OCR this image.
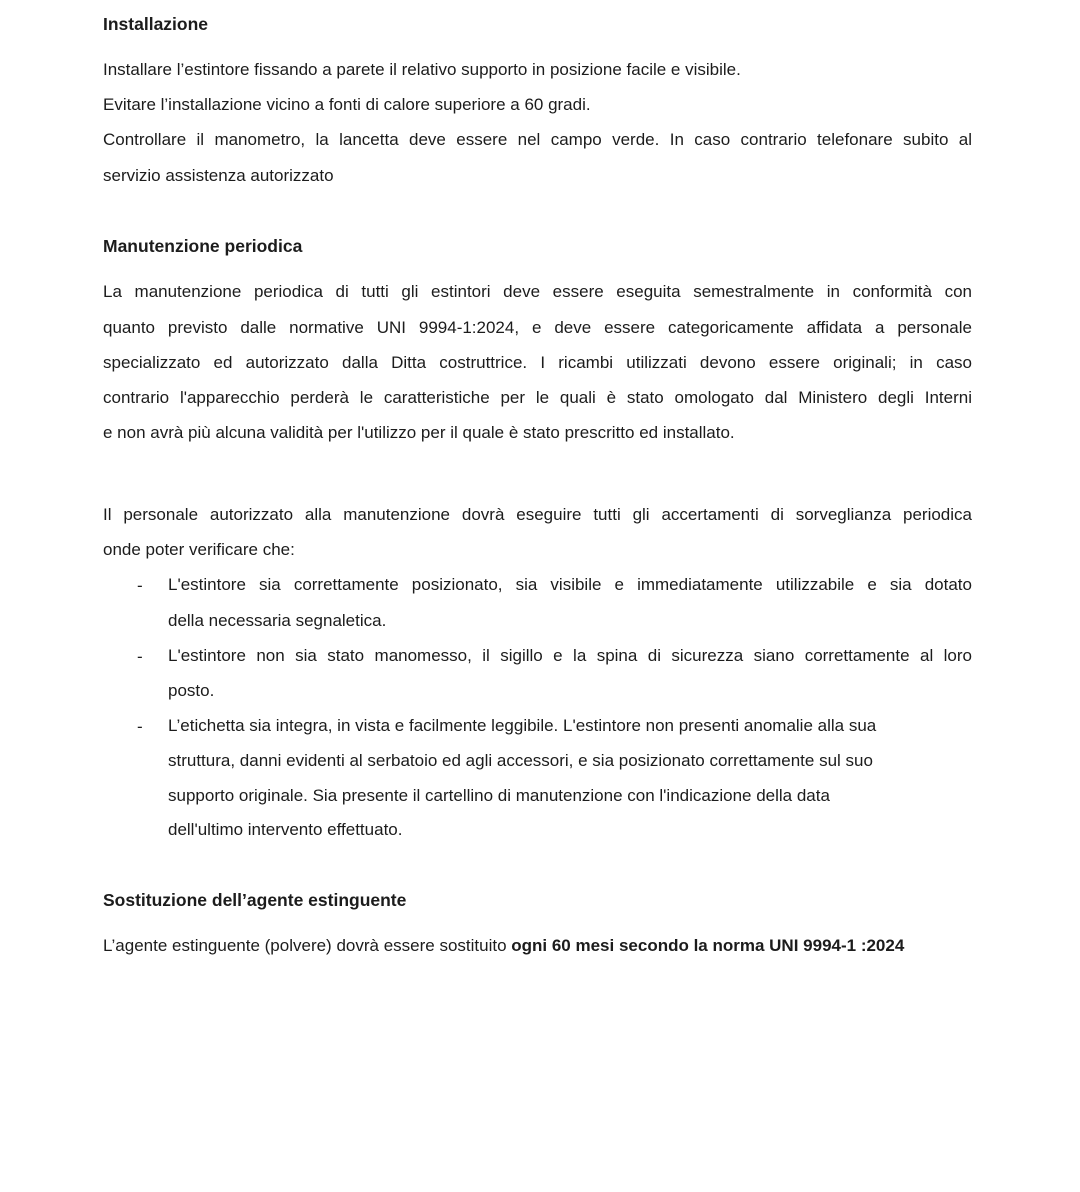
Installazione
Installare l’estintore fissando a parete il relativo supporto in posizione facile e visibile.
Evitare l’installazione vicino a fonti di calore superiore a 60 gradi.
Controllare il manometro, la lancetta deve essere nel campo verde. In caso contrario telefonare subito al
servizio assistenza autorizzato
Manutenzione periodica
La manutenzione periodica di tutti gli estintori deve essere eseguita semestralmente in conformità con
quanto previsto dalle normative UNI 9994-1:2024, e deve essere categoricamente affidata a personale
specializzato ed autorizzato dalla Ditta costruttrice. I ricambi utilizzati devono essere originali; in caso
contrario l'apparecchio perderà le caratteristiche per le quali è stato omologato dal Ministero degli Interni
e non avrà più alcuna validità per l'utilizzo per il quale è stato prescritto ed installato.
Il personale autorizzato alla manutenzione dovrà eseguire tutti gli accertamenti di sorveglianza periodica
onde poter verificare che:
- L'estintore sia correttamente posizionato, sia visibile e immediatamente utilizzabile e sia dotato
della necessaria segnaletica.
- L'estintore non sia stato manomesso, il sigillo e la spina di sicurezza siano correttamente al loro
posto.
- L’etichetta sia integra, in vista e facilmente leggibile. L'estintore non presenti anomalie alla sua
struttura, danni evidenti al serbatoio ed agli accessori, e sia posizionato correttamente sul suo
supporto originale. Sia presente il cartellino di manutenzione con l'indicazione della data
dell'ultimo intervento effettuato.
Sostituzione dell’agente estinguente
L’agente estinguente (polvere) dovrà essere sostituito ogni 60 mesi secondo la norma UNI 9994-1 :2024
